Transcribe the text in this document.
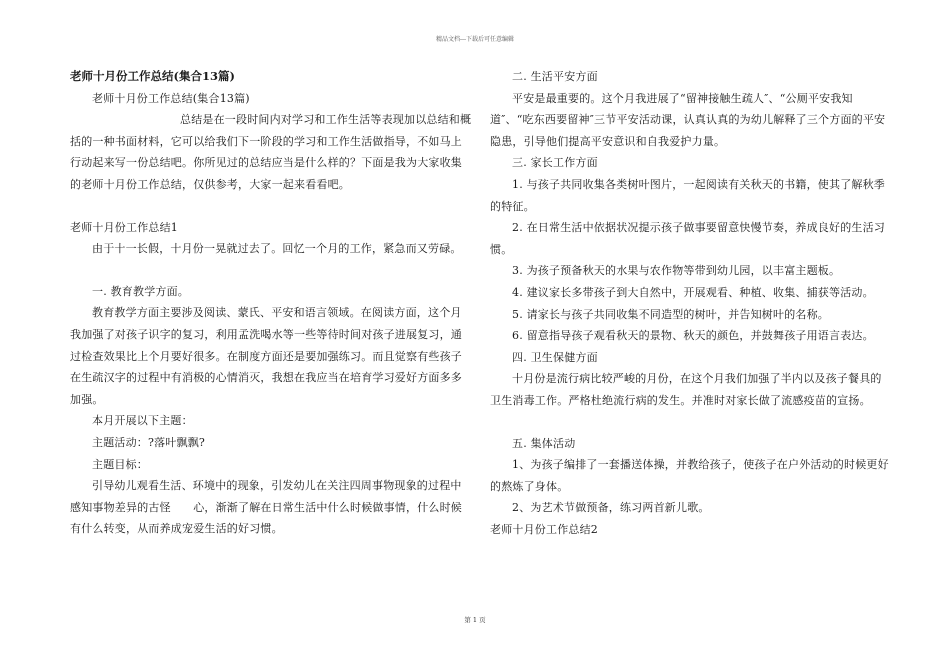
精品文档---下载后可任意编辑

老师十月份工作总结(集合13篇)

老师十月份工作总结(集合13篇)

总结是在一段时间内对学习和工作生活等表现加以总结和概括的一种书面材料，它可以给我们下一阶段的学习和工作生活做指导，不如马上行动起来写一份总结吧。你所见过的总结应当是什么样的？下面是我为大家收集的老师十月份工作总结，仅供参考，大家一起来看看吧。

老师十月份工作总结1

由于十一长假，十月份一晃就过去了。回忆一个月的工作，紧急而又劳碌。

一. 教育教学方面。

教育教学方面主要涉及阅读、蒙氏、平安和语言领域。在阅读方面，这个月我加强了对孩子识字的复习，利用孟洗喝水等一些等待时间对孩子进展复习，通过检查效果比上个月要好很多。在制度方面还是要加强练习。而且觉察有些孩子在生疏汉字的过程中有消极的心情消灭，我想在我应当在培育学习爱好方面多多加强。

本月开展以下主题：

主题活动：?落叶飘飘?

主题目标：

引导幼儿观看生活、环境中的现象，引发幼儿在关注四周事物现象的过程中感知事物差异的古怪　　心，渐渐了解在日常生活中什么时候做事情，什么时候有什么转变，从而养成宠爱生活的好习惯。

二. 生活平安方面

平安是最重要的。这个月我进展了“留神接触生疏人″、“公厕平安我知道″、“吃东西要留神″三节平安活动课，认真认真的为幼儿解释了三个方面的平安隐患，引导他们提高平安意识和自我爱护力量。

三. 家长工作方面

1. 与孩子共同收集各类树叶图片，一起阅读有关秋天的书籍，使其了解秋季的特征。

2. 在日常生活中依据状况提示孩子做事要留意快慢节奏，养成良好的生活习惯。

3. 为孩子预备秋天的水果与农作物等带到幼儿园，以丰富主题板。

4. 建议家长多带孩子到大自然中，开展观看、种植、收集、捕获等活动。

5. 请家长与孩子共同收集不同造型的树叶，并告知树叶的名称。

6. 留意指导孩子观看秋天的景物、秋天的颜色，并鼓舞孩子用语言表达。

四. 卫生保健方面

十月份是流行病比较严峻的月份，在这个月我们加强了半内以及孩子餐具的卫生消毒工作。严格杜绝流行病的发生。并准时对家长做了流感疫苗的宣扬。

五. 集体活动

1、为孩子编排了一套播送体操，并教给孩子，使孩子在户外活动的时候更好的熬炼了身体。

2、为艺术节做预备，练习两首新儿歌。

老师十月份工作总结2

第 1 页
